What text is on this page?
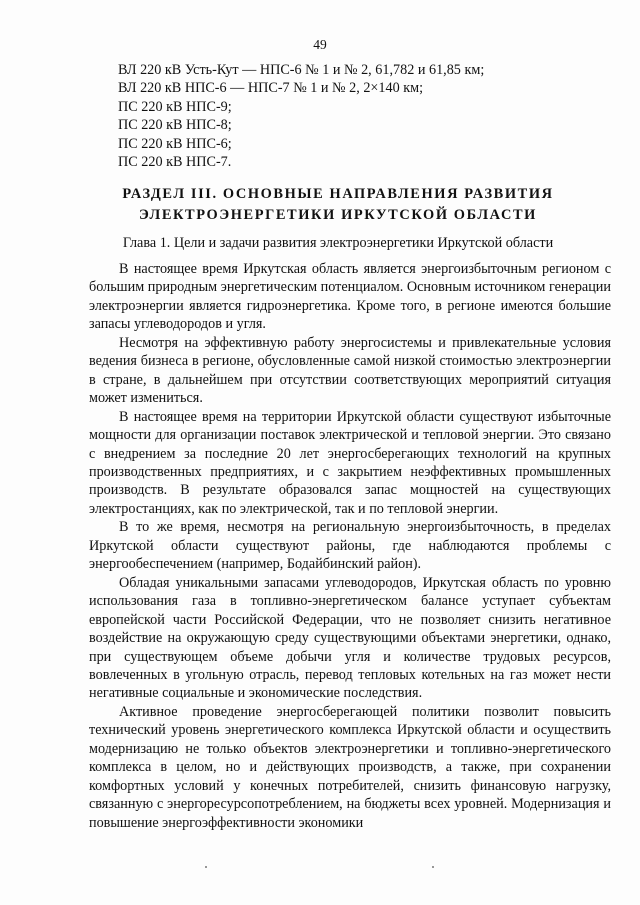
49
ВЛ 220 кВ Усть-Кут — НПС-6 № 1 и № 2, 61,782 и 61,85 км;
ВЛ 220 кВ НПС-6 — НПС-7 № 1 и № 2, 2×140 км;
ПС 220 кВ НПС-9;
ПС 220 кВ НПС-8;
ПС 220 кВ НПС-6;
ПС 220 кВ НПС-7.
РАЗДЕЛ III. ОСНОВНЫЕ НАПРАВЛЕНИЯ РАЗВИТИЯ
ЭЛЕКТРОЭНЕРГЕТИКИ ИРКУТСКОЙ ОБЛАСТИ
Глава 1. Цели и задачи развития электроэнергетики Иркутской области

В настоящее время Иркутская область является энергоизбыточным регионом с большим природным энергетическим потенциалом. Основным источником генерации электроэнергии является гидроэнергетика. Кроме того, в регионе имеются большие запасы углеводородов и угля.

Несмотря на эффективную работу энергосистемы и привлекательные условия ведения бизнеса в регионе, обусловленные самой низкой стоимостью электроэнергии в стране, в дальнейшем при отсутствии соответствующих мероприятий ситуация может измениться.

В настоящее время на территории Иркутской области существуют избыточные мощности для организации поставок электрической и тепловой энергии. Это связано с внедрением за последние 20 лет энергосберегающих технологий на крупных производственных предприятиях, и с закрытием неэффективных промышленных производств. В результате образовался запас мощностей на существующих электростанциях, как по электрической, так и по тепловой энергии.

В то же время, несмотря на региональную энергоизбыточность, в пределах Иркутской области существуют районы, где наблюдаются проблемы с энергообеспечением (например, Бодайбинский район).

Обладая уникальными запасами углеводородов, Иркутская область по уровню использования газа в топливно-энергетическом балансе уступает субъектам европейской части Российской Федерации, что не позволяет снизить негативное воздействие на окружающую среду существующими объектами энергетики, однако, при существующем объеме добычи угля и количестве трудовых ресурсов, вовлеченных в угольную отрасль, перевод тепловых котельных на газ может нести негативные социальные и экономические последствия.

Активное проведение энергосберегающей политики позволит повысить технический уровень энергетического комплекса Иркутской области и осуществить модернизацию не только объектов электроэнергетики и топливно-энергетического комплекса в целом, но и действующих производств, а также, при сохранении комфортных условий у конечных потребителей, снизить финансовую нагрузку, связанную с энергоресурсопотреблением, на бюджеты всех уровней. Модернизация и повышение энергоэффективности экономики
